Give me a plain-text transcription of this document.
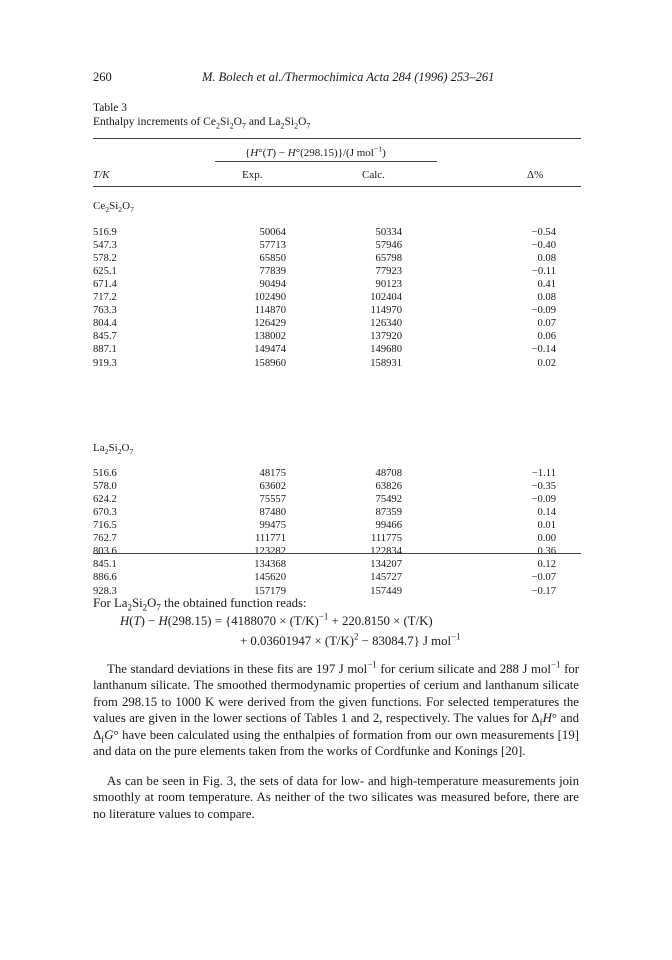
260	M. Bolech et al./Thermochimica Acta 284 (1996) 253–261
Table 3
Enthalpy increments of $Ce_2Si_2O_7$ and $La_2Si_2O_7$
{H°(T) − H°(298.15)}/(J mol$^{-1}$)
T/K	Exp.	Calc.	Δ%
$Ce_2Si_2O_7$
516.9	50064	50334	−0.54
547.3	57713	57946	−0.40
578.2	65850	65798	0.08
625.1	77839	77923	−0.11
671.4	90494	90123	0.41
717.2	102490	102404	0.08
763.3	114870	114970	−0.09
804.4	126429	126340	0.07
845.7	138002	137920	0.06
887.1	149474	149680	−0.14
919.3	158960	158931	0.02
$La_2Si_2O_7$
516.6	48175	48708	−1.11
578.0	63602	63826	−0.35
624.2	75557	75492	−0.09
670.3	87480	87359	0.14
716.5	99475	99466	0.01
762.7	111771	111775	0.00
803.6	123282	122834	0.36
845.1	134368	134207	0.12
886.6	145620	145727	−0.07
928.3	157179	157449	−0.17
For $La_2Si_2O_7$ the obtained function reads:
$H(T) - H(298.15) = \{4188070 \times (T/K)^{-1} + 220.8150 \times (T/K)$
+ $0.03601947 \times (T/K)^2 - 83084.7$} J mol$^{-1}$
The standard deviations in these fits are 197 J mol$^{-1}$ for cerium silicate and 288 J mol$^{-1}$ for lanthanum silicate. The smoothed thermodynamic properties of cerium and lanthanum silicate from 298.15 to 1000 K were derived from the given functions. For selected temperatures the values are given in the lower sections of Tables 1 and 2, respectively. The values for $\Delta_fH^\circ$ and $\Delta_fG^\circ$ have been calculated using the enthalpies of formation from our own measurements [19] and data on the pure elements taken from the works of Cordfunke and Konings [20].
As can be seen in Fig. 3, the sets of data for low- and high-temperature measurements join smoothly at room temperature. As neither of the two silicates was measured before, there are no literature values to compare.
